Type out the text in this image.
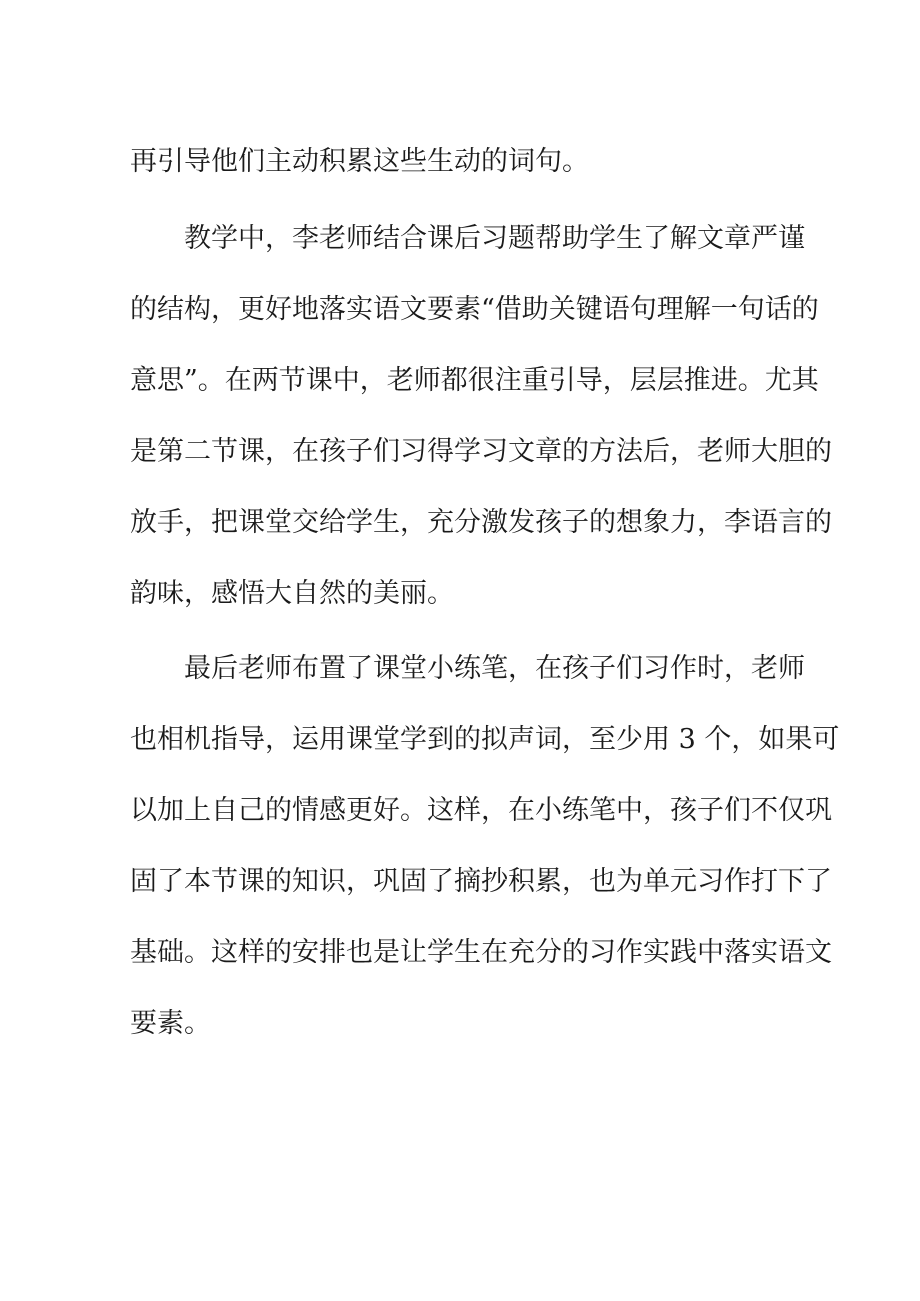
再引导他们主动积累这些生动的词句。
教学中，李老师结合课后习题帮助学生了解文章严谨
的结构，更好地落实语文要素“借助关键语句理解一句话的
意思”。在两节课中，老师都很注重引导，层层推进。尤其
是第二节课，在孩子们习得学习文章的方法后，老师大胆的
放手，把课堂交给学生，充分激发孩子的想象力，李语言的
韵味，感悟大自然的美丽。
最后老师布置了课堂小练笔，在孩子们习作时，老师
也相机指导，运用课堂学到的拟声词，至少用 3 个，如果可
以加上自己的情感更好。这样，在小练笔中，孩子们不仅巩
固了本节课的知识，巩固了摘抄积累，也为单元习作打下了
基础。这样的安排也是让学生在充分的习作实践中落实语文
要素。
